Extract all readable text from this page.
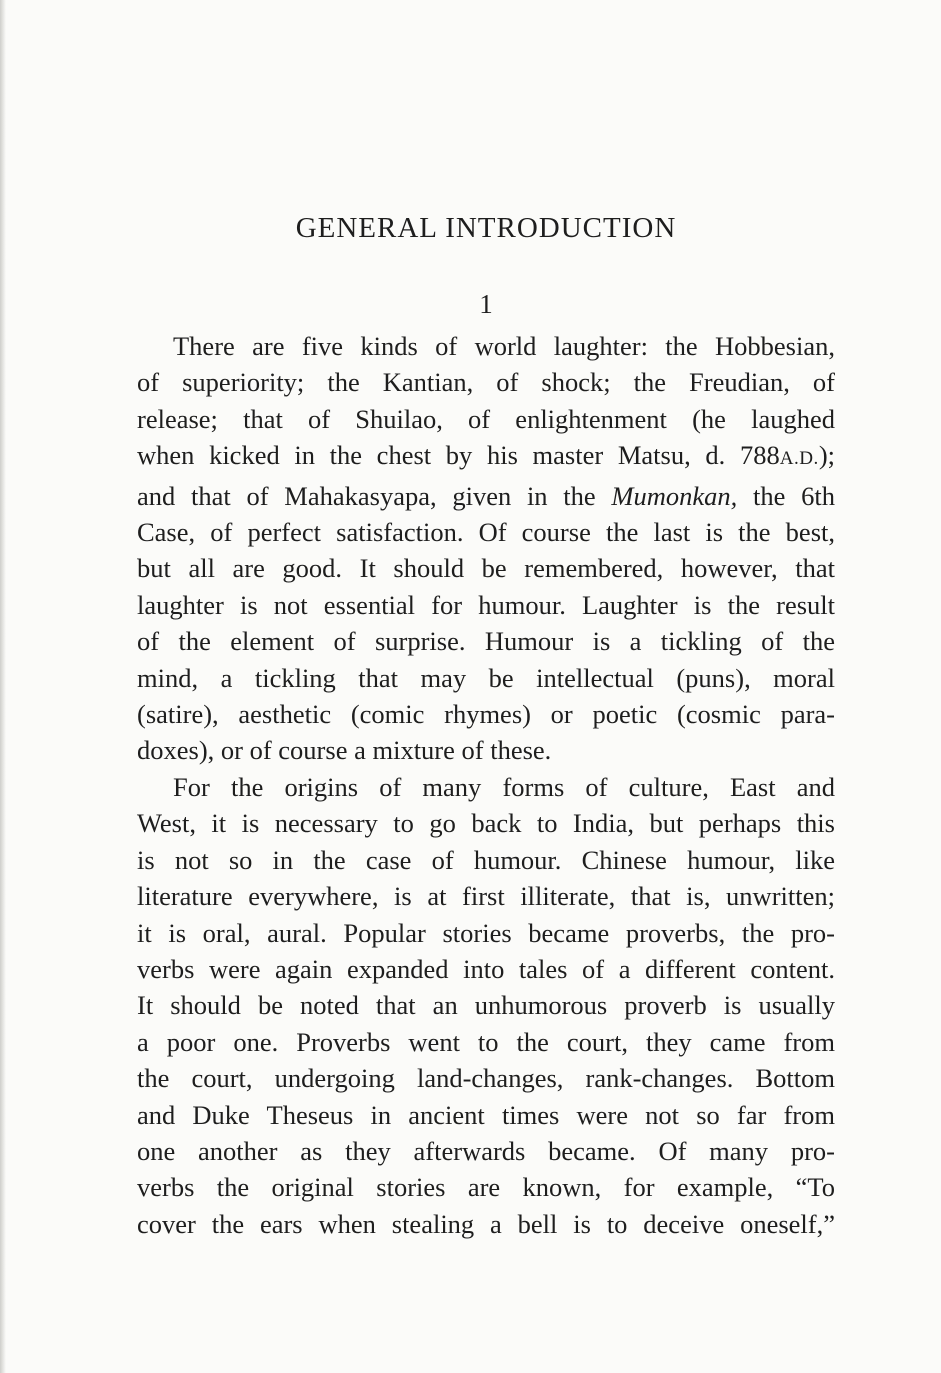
GENERAL INTRODUCTION
1

There are five kinds of world laughter: the Hobbesian,
of superiority; the Kantian, of shock; the Freudian, of
release; that of Shuilao, of enlightenment (he laughed
when kicked in the chest by his master Matsu, d. 788A.D.);
and that of Mahakasyapa, given in the Mumonkan, the 6th
Case, of perfect satisfaction. Of course the last is the best,
but all are good. It should be remembered, however, that
laughter is not essential for humour. Laughter is the result
of the element of surprise. Humour is a tickling of the
mind, a tickling that may be intellectual (puns), moral
(satire), aesthetic (comic rhymes) or poetic (cosmic para-
doxes), or of course a mixture of these.

For the origins of many forms of culture, East and
West, it is necessary to go back to India, but perhaps this
is not so in the case of humour. Chinese humour, like
literature everywhere, is at first illiterate, that is, unwritten;
it is oral, aural. Popular stories became proverbs, the pro-
verbs were again expanded into tales of a different content.
It should be noted that an unhumorous proverb is usually
a poor one. Proverbs went to the court, they came from
the court, undergoing land-changes, rank-changes. Bottom
and Duke Theseus in ancient times were not so far from
one another as they afterwards became. Of many pro-
verbs the original stories are known, for example, “To
cover the ears when stealing a bell is to deceive oneself,”
